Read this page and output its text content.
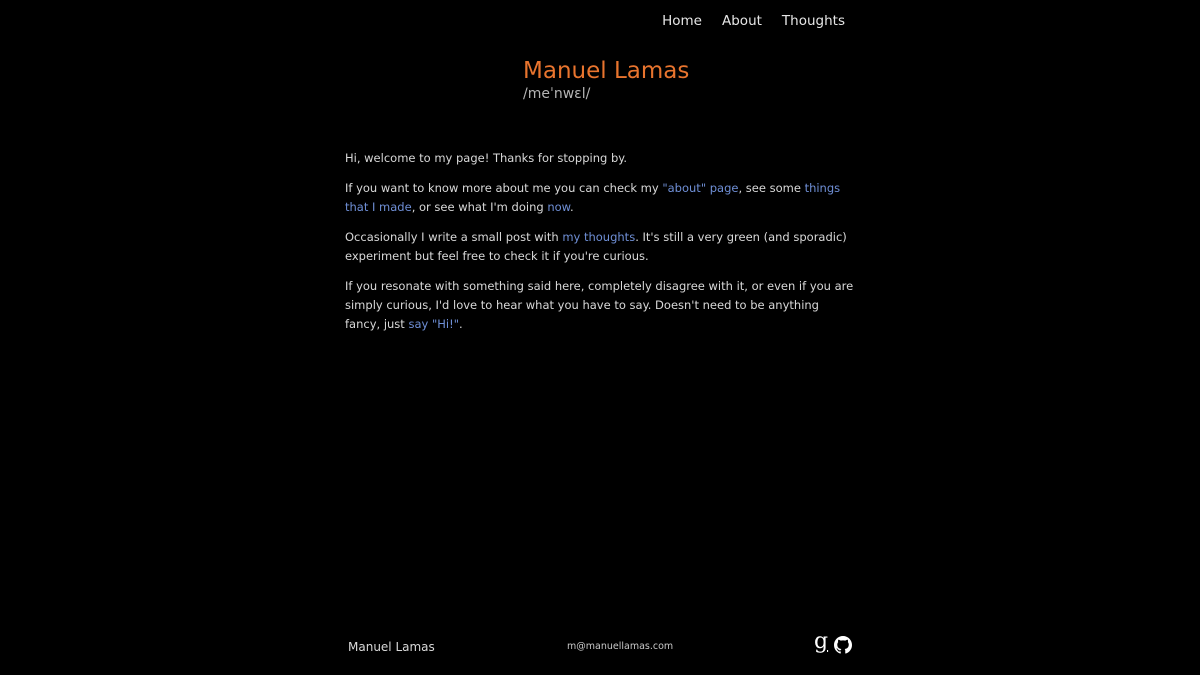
Home About Thoughts
Manuel Lamas
/meˈnwɛl/

Hi, welcome to my page! Thanks for stopping by.

If you want to know more about me you can check my "about" page, see some things that I made, or see what I'm doing now.

Occasionally I write a small post with my thoughts. It's still a very green (and sporadic) experiment but feel free to check it if you're curious.

If you resonate with something said here, completely disagree with it, or even if you are simply curious, I'd love to hear what you have to say. Doesn't need to be anything fancy, just say "Hi!".

Manuel Lamas	m@manuellamas.com	g
